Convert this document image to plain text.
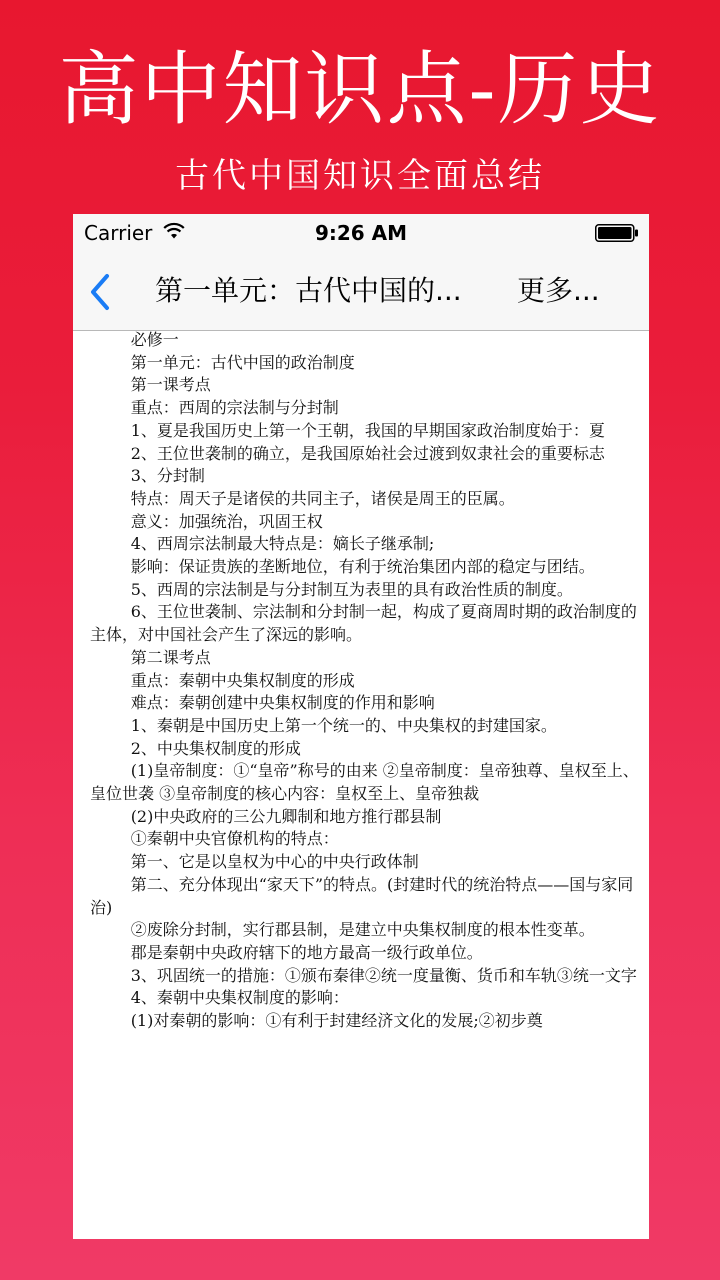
高中知识点-历史
古代中国知识全面总结
Carrier	9:26 AM
第一单元：古代中国的...	更多...

必修一

第一单元：古代中国的政治制度

第一课考点

重点：西周的宗法制与分封制

1、夏是我国历史上第一个王朝，我国的早期国家政治制度始于：夏

2、王位世袭制的确立，是我国原始社会过渡到奴隶社会的重要标志

3、分封制

特点：周天子是诸侯的共同主子，诸侯是周王的臣属。

意义：加强统治，巩固王权

4、西周宗法制最大特点是：嫡长子继承制;

影响：保证贵族的垄断地位，有利于统治集团内部的稳定与团结。

5、西周的宗法制是与分封制互为表里的具有政治性质的制度。

6、王位世袭制、宗法制和分封制一起，构成了夏商周时期的政治制度的主体，对中国社会产生了深远的影响。

第二课考点

重点：秦朝中央集权制度的形成

难点：秦朝创建中央集权制度的作用和影响

1、秦朝是中国历史上第一个统一的、中央集权的封建国家。

2、中央集权制度的形成

(1)皇帝制度：①“皇帝”称号的由来 ②皇帝制度：皇帝独尊、皇权至上、皇位世袭 ③皇帝制度的核心内容：皇权至上、皇帝独裁

(2)中央政府的三公九卿制和地方推行郡县制

①秦朝中央官僚机构的特点：

第一、它是以皇权为中心的中央行政体制

第二、充分体现出“家天下”的特点。(封建时代的统治特点——国与家同治)

②废除分封制，实行郡县制，是建立中央集权制度的根本性变革。

郡是秦朝中央政府辖下的地方最高一级行政单位。

3、巩固统一的措施：①颁布秦律②统一度量衡、货币和车轨③统一文字

4、秦朝中央集权制度的影响：

(1)对秦朝的影响：①有利于封建经济文化的发展;②初步奠
